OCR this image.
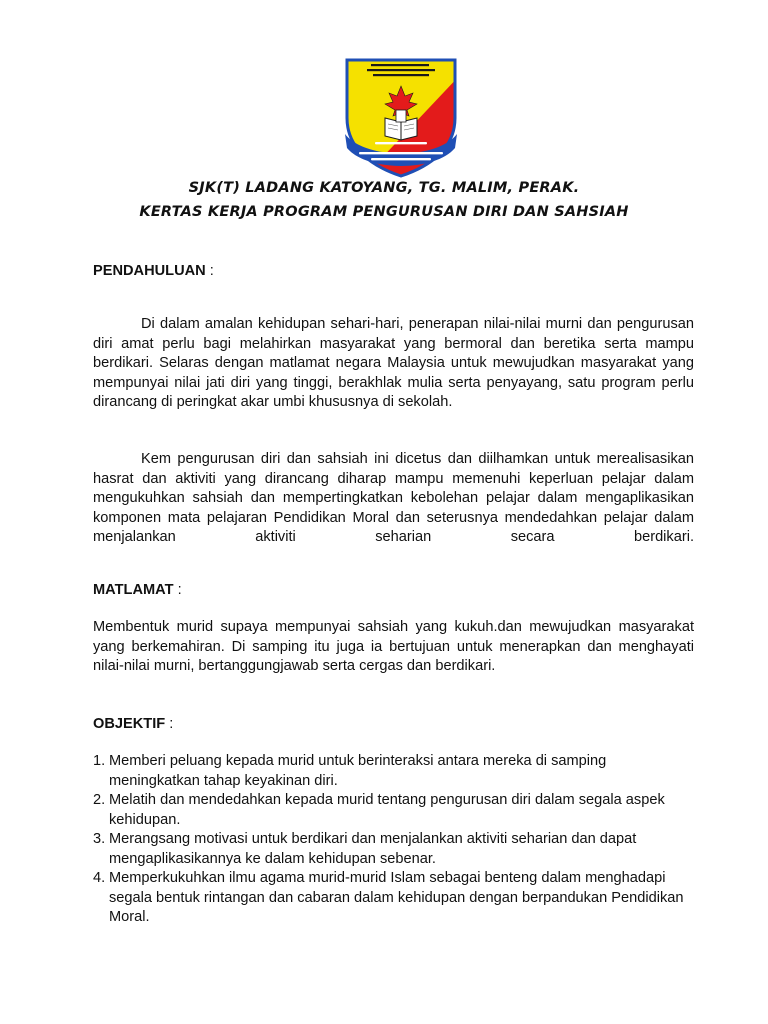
SJK(T) LADANG KATOYANG, TG. MALIM, PERAK.
KERTAS KERJA PROGRAM PENGURUSAN DIRI DAN SAHSIAH
PENDAHULUAN :
Di dalam amalan kehidupan sehari-hari, penerapan nilai-nilai murni dan pengurusan diri amat perlu bagi melahirkan masyarakat yang bermoral dan beretika serta mampu berdikari. Selaras dengan matlamat negara Malaysia untuk mewujudkan masyarakat yang mempunyai nilai jati diri yang tinggi, berakhlak mulia serta penyayang, satu program perlu dirancang di peringkat akar umbi khususnya di sekolah.
Kem pengurusan diri dan sahsiah ini dicetus dan diilhamkan untuk merealisasikan hasrat dan aktiviti yang dirancang diharap mampu memenuhi keperluan pelajar dalam mengukuhkan sahsiah dan mempertingkatkan kebolehan pelajar dalam mengaplikasikan komponen mata pelajaran Pendidikan Moral dan seterusnya mendedahkan pelajar dalam menjalankan aktiviti seharian secara berdikari.
MATLAMAT :
Membentuk murid supaya mempunyai sahsiah yang kukuh.dan mewujudkan masyarakat yang berkemahiran. Di samping itu juga ia bertujuan untuk menerapkan dan menghayati nilai-nilai murni, bertanggungjawab serta cergas dan berdikari.
OBJEKTIF :
1. Memberi peluang kepada murid untuk berinteraksi antara mereka di samping meningkatkan tahap keyakinan diri.
2. Melatih dan mendedahkan kepada murid tentang pengurusan diri dalam segala aspek kehidupan.
3. Merangsang motivasi untuk berdikari dan menjalankan aktiviti seharian dan dapat mengaplikasikannya ke dalam kehidupan sebenar.
4. Memperkukuhkan ilmu agama murid-murid Islam sebagai benteng dalam menghadapi segala bentuk rintangan dan cabaran dalam kehidupan dengan berpandukan Pendidikan Moral.
